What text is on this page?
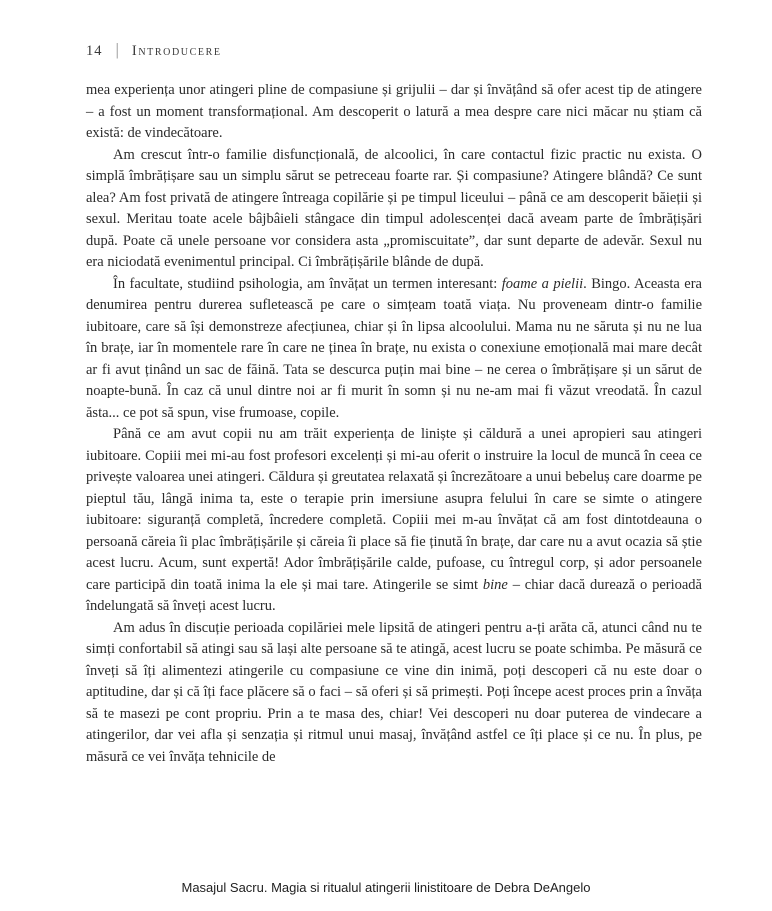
14 | Introducere

mea experiența unor atingeri pline de compasiune și grijulii – dar și învățând să ofer acest tip de atingere – a fost un moment transformațional. Am descoperit o latură a mea despre care nici măcar nu știam că există: de vindecătoare.

Am crescut într-o familie disfuncțională, de alcoolici, în care contactul fizic practic nu exista. O simplă îmbrățișare sau un simplu sărut se petreceau foarte rar. Și compasiune? Atingere blândă? Ce sunt alea? Am fost privată de atingere întreaga copilărie și pe timpul liceului – până ce am descoperit băieții și sexul. Meritau toate acele bâjbâieli stângace din timpul adolescenței dacă aveam parte de îmbrățișări după. Poate că unele persoane vor considera asta „promiscuitate”, dar sunt departe de adevăr. Sexul nu era niciodată evenimentul principal. Ci îmbrățișările blânde de după.

În facultate, studiind psihologia, am învățat un termen interesant: foame a pielii. Bingo. Aceasta era denumirea pentru durerea sufletească pe care o simțeam toată viața. Nu proveneam dintr-o familie iubitoare, care să își demonstreze afecțiunea, chiar și în lipsa alcoolului. Mama nu ne săruta și nu ne lua în brațe, iar în momentele rare în care ne ținea în brațe, nu exista o conexiune emoțională mai mare decât ar fi avut ținând un sac de făină. Tata se descurca puțin mai bine – ne cerea o îmbrățișare și un sărut de noapte-bună. În caz că unul dintre noi ar fi murit în somn și nu ne-am mai fi văzut vreodată. În cazul ăsta... ce pot să spun, vise frumoase, copile.

Până ce am avut copii nu am trăit experiența de liniște și căldură a unei apropieri sau atingeri iubitoare. Copiii mei mi-au fost profesori excelenți și mi-au oferit o instruire la locul de muncă în ceea ce privește valoarea unei atingeri. Căldura și greutatea relaxată și încrezătoare a unui bebeluș care doarme pe pieptul tău, lângă inima ta, este o terapie prin imersiune asupra felului în care se simte o atingere iubitoare: siguranță completă, încredere completă. Copiii mei m-au învățat că am fost dintotdeauna o persoană căreia îi plac îmbrățișările și căreia îi place să fie ținută în brațe, dar care nu a avut ocazia să știe acest lucru. Acum, sunt expertă! Ador îmbrățișările calde, pufoase, cu întregul corp, și ador persoanele care participă din toată inima la ele și mai tare. Atingerile se simt bine – chiar dacă durează o perioadă îndelungată să înveți acest lucru.

Am adus în discuție perioada copilăriei mele lipsită de atingeri pentru a-ți arăta că, atunci când nu te simți confortabil să atingi sau să lași alte persoane să te atingă, acest lucru se poate schimba. Pe măsură ce înveți să îți alimentezi atingerile cu compasiune ce vine din inimă, poți descoperi că nu este doar o aptitudine, dar și că îți face plăcere să o faci – să oferi și să primești. Poți începe acest proces prin a învăța să te masezi pe cont propriu. Prin a te masa des, chiar! Vei descoperi nu doar puterea de vindecare a atingerilor, dar vei afla și senzația și ritmul unui masaj, învățând astfel ce îți place și ce nu. În plus, pe măsură ce vei învăța tehnicile de

Masajul Sacru. Magia si ritualul atingerii linistitoare de Debra DeAngelo
